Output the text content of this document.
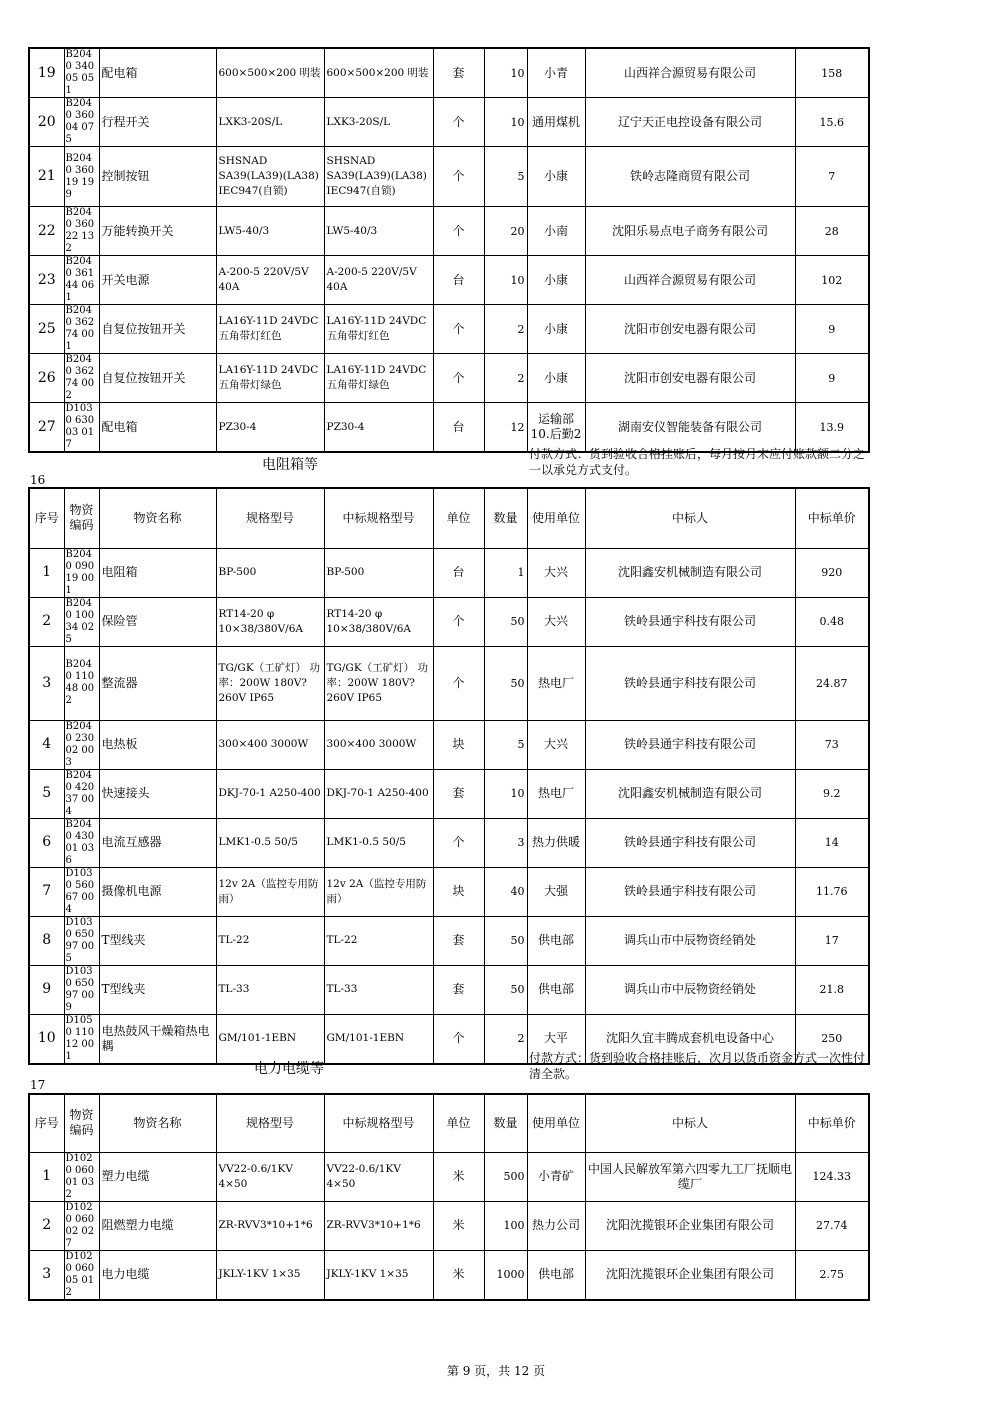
19	B2040 34005 051	配电箱	600×500×200 明装	600×500×200 明装	套	10	小青	山西祥合源贸易有限公司	158
20	B2040 36004 075	行程开关	LXK3-20S/L	LXK3-20S/L	个	10	通用煤机	辽宁天正电控设备有限公司	15.6
21	B2040 36019 199	控制按钮	SHSNAD SA39(LA39)(LA38) IEC947(自锁)	SHSNAD SA39(LA39)(LA38) IEC947(自锁)	个	5	小康	铁岭志隆商贸有限公司	7
22	B2040 36022 132	万能转换开关	LW5-40/3	LW5-40/3	个	20	小南	沈阳乐易点电子商务有限公司	28
23	B2040 36144 061	开关电源	A-200-5 220V/5V 40A	A-200-5 220V/5V 40A	台	10	小康	山西祥合源贸易有限公司	102
25	B2040 36274 001	自复位按钮开关	LA16Y-11D 24VDC 五角带灯红色	LA16Y-11D 24VDC 五角带灯红色	个	2	小康	沈阳市创安电器有限公司	9
26	B2040 36274 002	自复位按钮开关	LA16Y-11D 24VDC 五角带灯绿色	LA16Y-11D 24VDC 五角带灯绿色	个	2	小康	沈阳市创安电器有限公司	9
27	D1030 63003 017	配电箱	PZ30-4	PZ30-4	台	12	运输部 10.后勤2	湖南安仪智能装备有限公司	13.9
电阻箱等
付款方式：货到验收合格挂账后，每月按月末应付账款额二分之一以承兑方式支付。
16
序号	物资编码	物资名称	规格型号	中标规格型号	单位	数量	使用单位	中标人	中标单价
1	B2040 09019 001	电阻箱	BP-500	BP-500	台	1	大兴	沈阳鑫安机械制造有限公司	920
2	B2040 10034 025	保险管	RT14-20 φ 10×38/380V/6A	RT14-20 φ 10×38/380V/6A	个	50	大兴	铁岭县通宇科技有限公司	0.48
3	B2040 11048 002	整流器	TG/GK（工矿灯） 功率：200W 180V?260V IP65	TG/GK（工矿灯） 功率：200W 180V?260V IP65	个	50	热电厂	铁岭县通宇科技有限公司	24.87
4	B2040 23002 003	电热板	300×400 3000W	300×400 3000W	块	5	大兴	铁岭县通宇科技有限公司	73
5	B2040 42037 004	快速接头	DKJ-70-1 A250-400	DKJ-70-1 A250-400	套	10	热电厂	沈阳鑫安机械制造有限公司	9.2
6	B2040 43001 036	电流互感器	LMK1-0.5 50/5	LMK1-0.5 50/5	个	3	热力供暖	铁岭县通宇科技有限公司	14
7	D1030 56067 004	摄像机电源	12v 2A（监控专用防雨）	12v 2A（监控专用防雨）	块	40	大强	铁岭县通宇科技有限公司	11.76
8	D1030 65097 005	T型线夹	TL-22	TL-22	套	50	供电部	调兵山市中辰物资经销处	17
9	D1030 65097 009	T型线夹	TL-33	TL-33	套	50	供电部	调兵山市中辰物资经销处	21.8
10	D1050 11012 001	电热鼓风干燥箱热电耦	GM/101-1EBN	GM/101-1EBN	个	2	大平	沈阳久宜丰腾成套机电设备中心	250
电力电缆等
付款方式：货到验收合格挂账后，次月以货币资金方式一次性付清全款。
17
序号	物资编码	物资名称	规格型号	中标规格型号	单位	数量	使用单位	中标人	中标单价
1	D1020 06001 032	塑力电缆	VV22-0.6/1KV 4×50	VV22-0.6/1KV 4×50	米	500	小青矿	中国人民解放军第六四零九工厂抚顺电缆厂	124.33
2	D1020 06002 027	阻燃塑力电缆	ZR-RVV3*10+1*6	ZR-RVV3*10+1*6	米	100	热力公司	沈阳沈揽银环企业集团有限公司	27.74
3	D1020 06005 012	电力电缆	JKLY-1KV 1×35	JKLY-1KV 1×35	米	1000	供电部	沈阳沈揽银环企业集团有限公司	2.75
第 9 页，共 12 页
